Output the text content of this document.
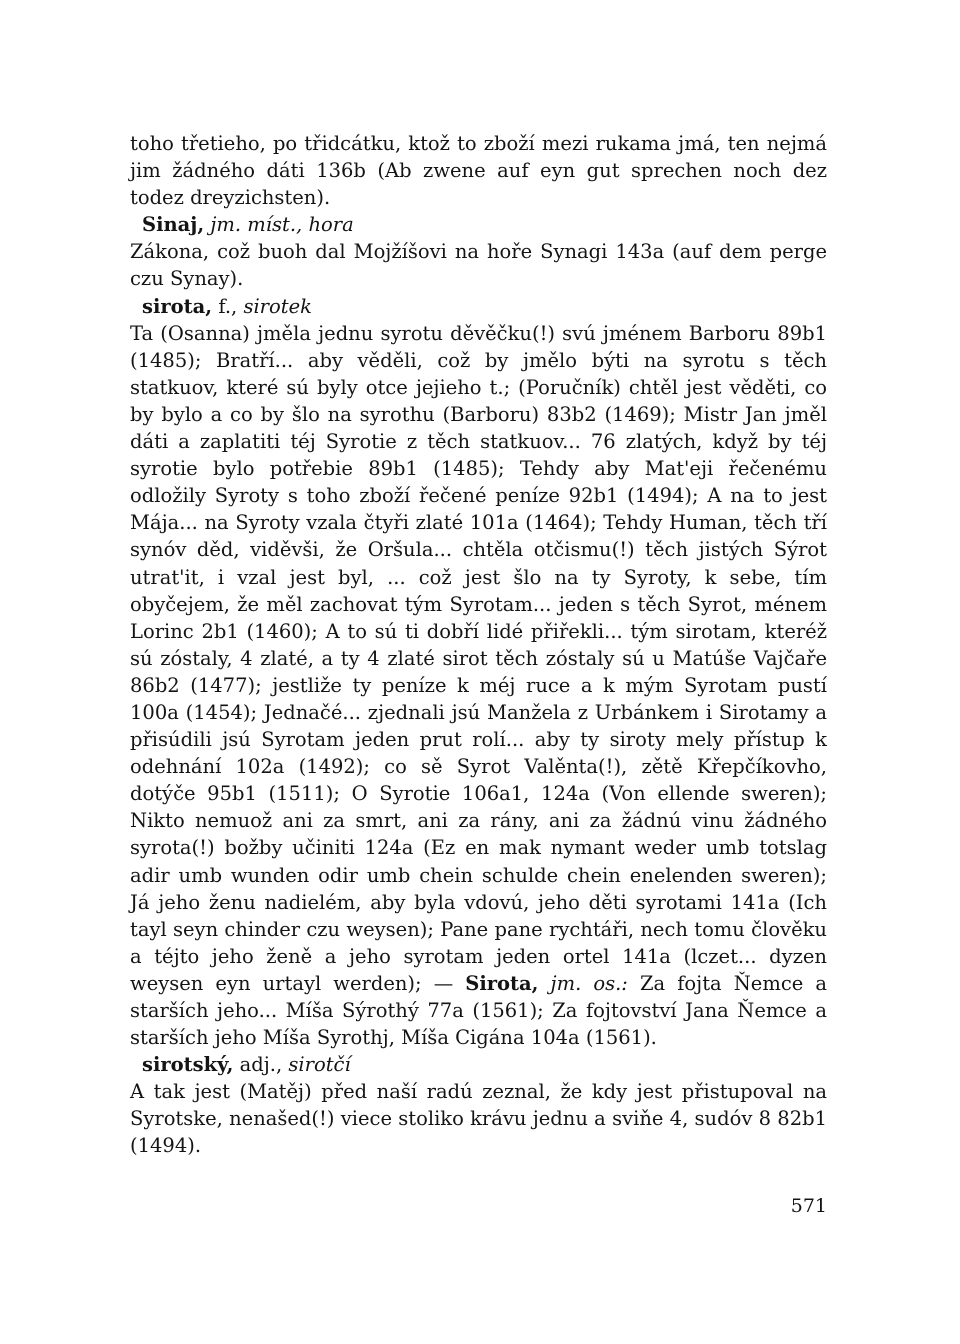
toho třetieho, po třidcátku, ktož to zboží mezi rukama jmá, ten nejmá jim žádného dáti 136b (Ab zwene auf eyn gut sprechen noch dez todez dreyzichsten).

Sinaj, jm. míst., hora

Zákona, což buoh dal Mojžíšovi na hoře Synagi 143a (auf dem perge czu Synay).

sirota, f., sirotek

Ta (Osanna) jměla jednu syrotu děvěčku(!) svú jménem Barboru 89b1 (1485); Bratří... aby věděli, což by jmělo býti na syrotu s těch statkuov, které sú byly otce jejieho t.; (Poručník) chtěl jest věděti, co by bylo a co by šlo na syrothu (Barboru) 83b2 (1469); Mistr Jan jměl dáti a zaplatiti téj Syrotie z těch statkuov... 76 zlatých, když by téj syrotie bylo potřebie 89b1 (1485); Tehdy aby Mat'eji řečenému odložily Syroty s toho zboží řečené peníze 92b1 (1494); A na to jest Mája... na Syroty vzala čtyři zlaté 101a (1464); Tehdy Human, těch tří synóv děd, viděvši, že Oršula... chtěla otčismu(!) těch jistých Sýrot utrat'it, i vzal jest byl, ... což jest šlo na ty Syroty, k sebe, tím obyčejem, že měl zachovat tým Syrotam... jeden s těch Syrot, ménem Lorinc 2b1 (1460); A to sú ti dobří lidé přiřekli... tým sirotam, kteréž sú zóstaly, 4 zlaté, a ty 4 zlaté sirot těch zóstaly sú u Matúše Vajčaře 86b2 (1477); jestliže ty peníze k méj ruce a k mým Syrotam pustí 100a (1454); Jednačé... zjednali jsú Manžela z Urbánkem i Sirotamy a přisúdili jsú Syrotam jeden prut rolí... aby ty siroty mely přístup k odehnání 102a (1492); co sě Syrot Valěnta(!), zětě Křepčíkovho, dotýče 95b1 (1511); O Syrotie 106a1, 124a (Von ellende sweren); Nikto nemuož ani za smrt, ani za rány, ani za žádnú vinu žádného syrota(!) božby učiniti 124a (Ez en mak nymant weder umb totslag adir umb wunden odir umb chein schulde chein enelenden sweren); Já jeho ženu nadielém, aby byla vdovú, jeho děti syrotami 141a (Ich tayl seyn chinder czu weysen); Pane pane rychtáři, nech tomu člověku a téjto jeho ženě a jeho syrotam jeden ortel 141a (lczet... dyzen weysen eyn urtayl werden); — Sirota, jm. os.: Za fojta Ňemce a starších jeho... Míša Sýrothý 77a (1561); Za fojtovství Jana Ňemce a starších jeho Míša Syrothj, Míša Cigána 104a (1561).

sirotský, adj., sirotčí

A tak jest (Matěj) před naší radú zeznal, že kdy jest přistupoval na Syrotske, nenašed(!) viece stoliko krávu jednu a sviňe 4, sudóv 8 82b1 (1494).

571
